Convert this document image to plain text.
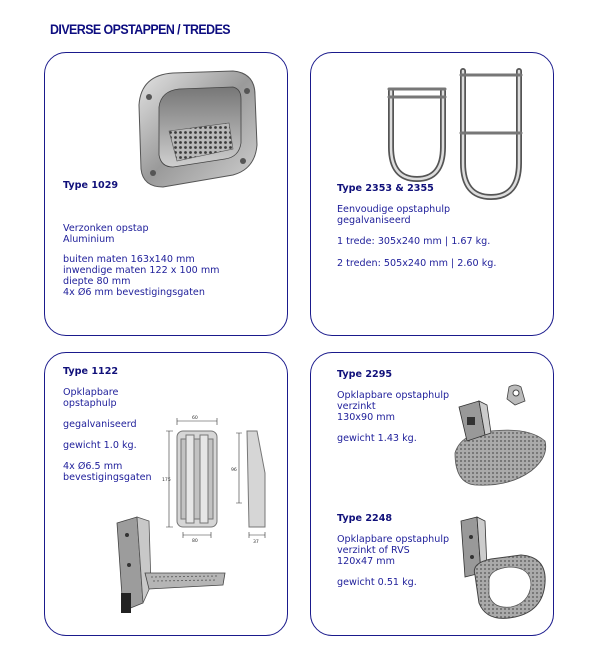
DIVERSE OPSTAPPEN / TREDES
Type 1029
Verzonken opstap
Aluminium
buiten maten 163x140 mm
inwendige maten 122 x 100 mm
diepte 80 mm
4x Ø6 mm bevestigingsgaten
Type 2353 & 2355
Eenvoudige opstaphulp
gegalvaniseerd
1 trede: 305x240 mm | 1.67 kg.
2 treden: 505x240 mm | 2.60 kg.
Type 1122
Opklapbare
opstaphulp
gegalvaniseerd
gewicht 1.0 kg.
4x Ø6.5 mm
bevestigingsgaten
60
175
80
96
37
Type 2295
Opklapbare opstaphulp
verzinkt
130x90 mm
gewicht 1.43 kg.
Type 2248
Opklapbare opstaphulp
verzinkt of RVS
120x47 mm
gewicht 0.51 kg.
